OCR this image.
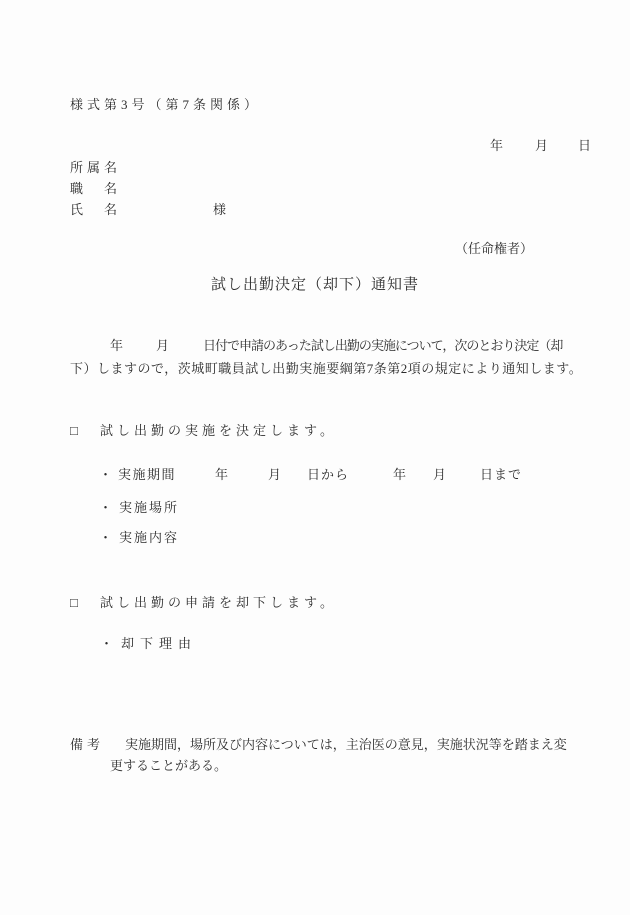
様式第3号（第7条関係）
年 月 日
所属名
職　名
氏　名	様
（任命権者）
試し出勤決定（却下）通知書
年	月	日付で申請のあった試し出勤の実施について，次のとおり決定（却
下）しますので，茨城町職員試し出勤実施要綱第7条第2項の規定により通知します。
□ 試し出勤の実施を決定します。
・ 実施期間	年	月 日から	年 月	日まで
・ 実施場所
・ 実施内容
□ 試し出勤の申請を却下します。
・ 却下理由
備考 実施期間，場所及び内容については，主治医の意見，実施状況等を踏まえ変
更することがある。
